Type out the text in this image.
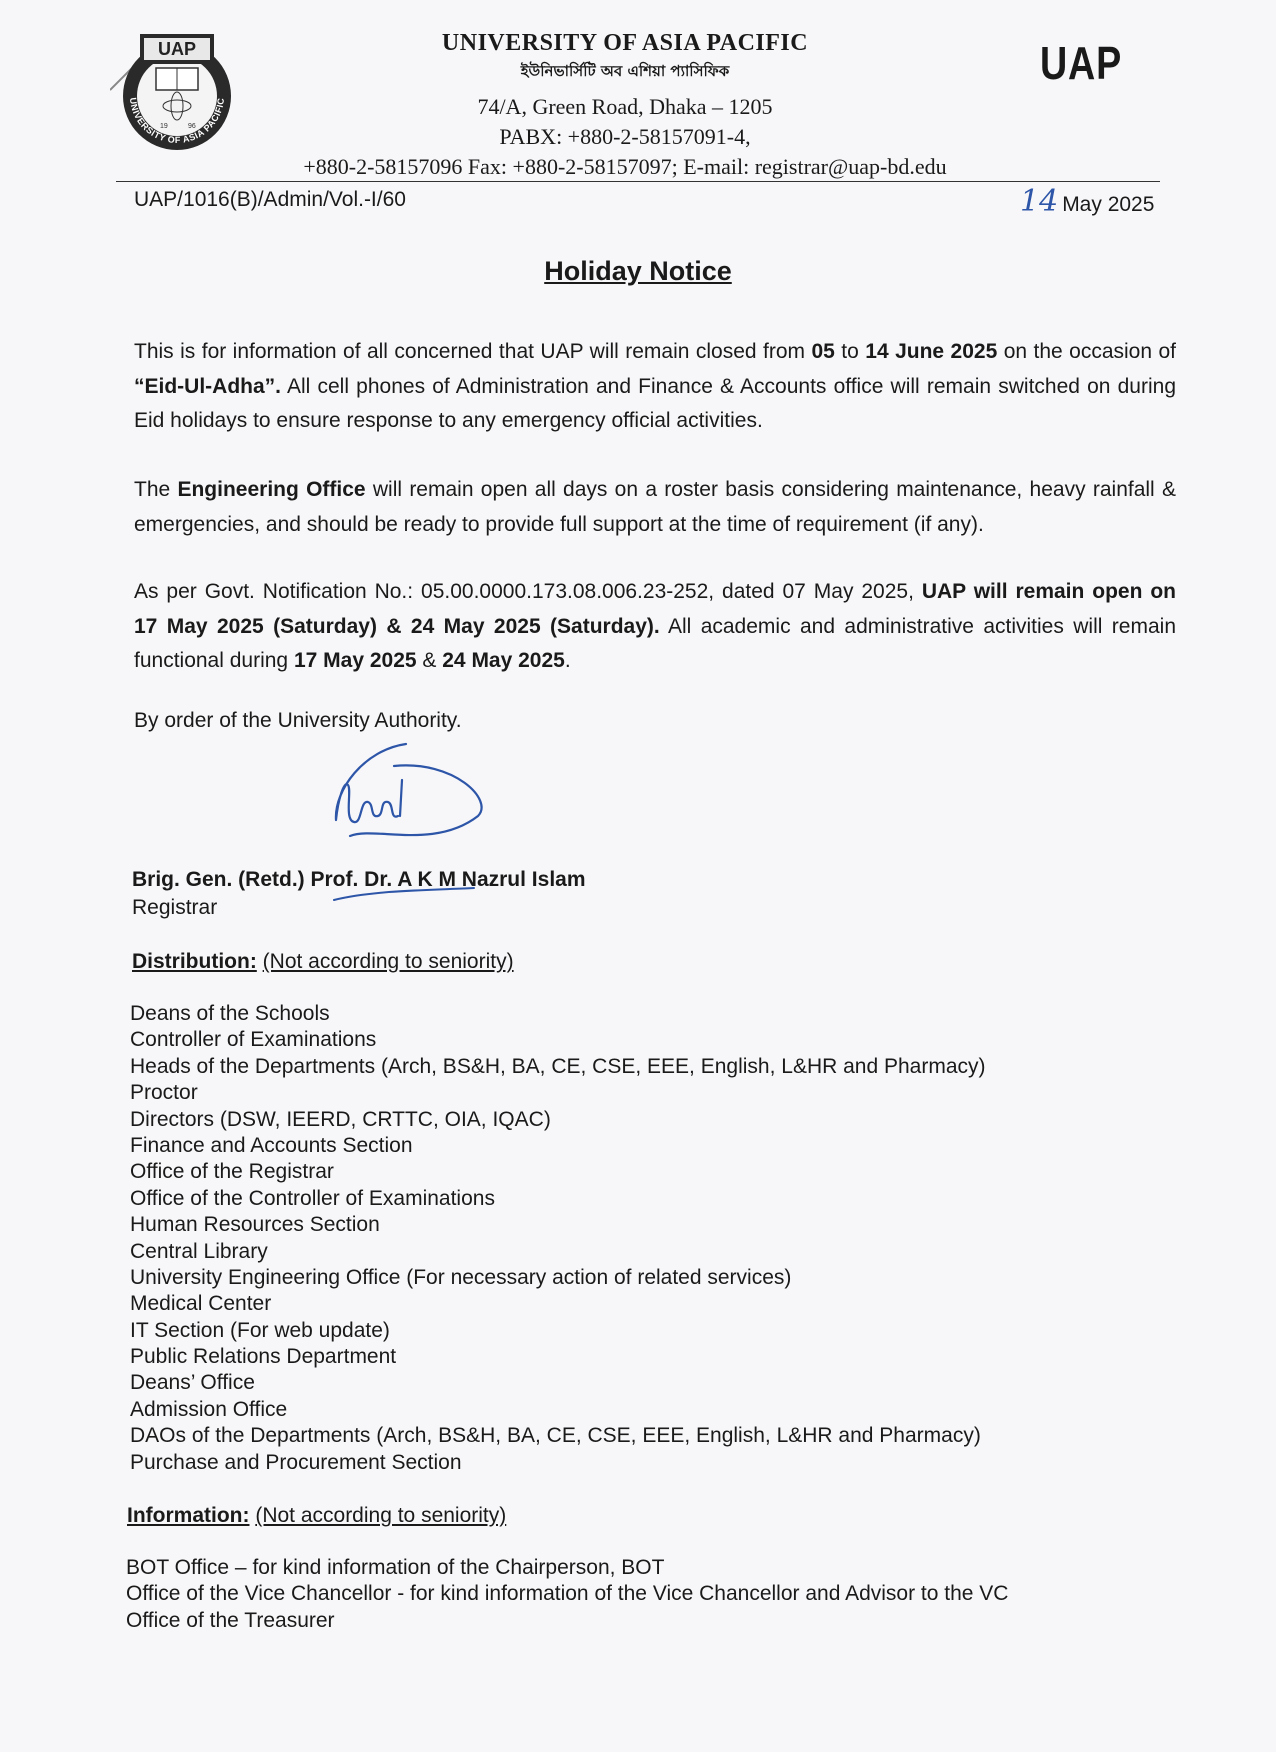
UAP
19	96
UNIVERSITY OF ASIA PACIFIC
UNIVERSITY OF ASIA PACIFIC
ইউনিভার্সিটি অব এশিয়া প্যাসিফিক
74/A, Green Road, Dhaka – 1205
PABX: +880-2-58157091-4,
+880-2-58157096 Fax: +880-2-58157097; E-mail: registrar@uap-bd.edu
UAP
UAP/1016(B)/Admin/Vol.-I/60	14 May 2025
Holiday Notice

This is for information of all concerned that UAP will remain closed from 05 to 14 June 2025 on the occasion of “Eid-Ul-Adha”. All cell phones of Administration and Finance & Accounts office will remain switched on during Eid holidays to ensure response to any emergency official activities.

The Engineering Office will remain open all days on a roster basis considering maintenance, heavy rainfall & emergencies, and should be ready to provide full support at the time of requirement (if any).

As per Govt. Notification No.: 05.00.0000.173.08.006.23-252, dated 07 May 2025, UAP will remain open on 17 May 2025 (Saturday) & 24 May 2025 (Saturday). All academic and administrative activities will remain functional during 17 May 2025 & 24 May 2025.

By order of the University Authority.

Brig. Gen. (Retd.) Prof. Dr. A K M Nazrul Islam
Registrar
Distribution: (Not according to seniority)
Deans of the Schools
Controller of Examinations
Heads of the Departments (Arch, BS&H, BA, CE, CSE, EEE, English, L&HR and Pharmacy)
Proctor
Directors (DSW, IEERD, CRTTC, OIA, IQAC)
Finance and Accounts Section
Office of the Registrar
Office of the Controller of Examinations
Human Resources Section
Central Library
University Engineering Office (For necessary action of related services)
Medical Center
IT Section (For web update)
Public Relations Department
Deans’ Office
Admission Office
DAOs of the Departments (Arch, BS&H, BA, CE, CSE, EEE, English, L&HR and Pharmacy)
Purchase and Procurement Section
Information: (Not according to seniority)
BOT Office – for kind information of the Chairperson, BOT
Office of the Vice Chancellor - for kind information of the Vice Chancellor and Advisor to the VC
Office of the Treasurer
